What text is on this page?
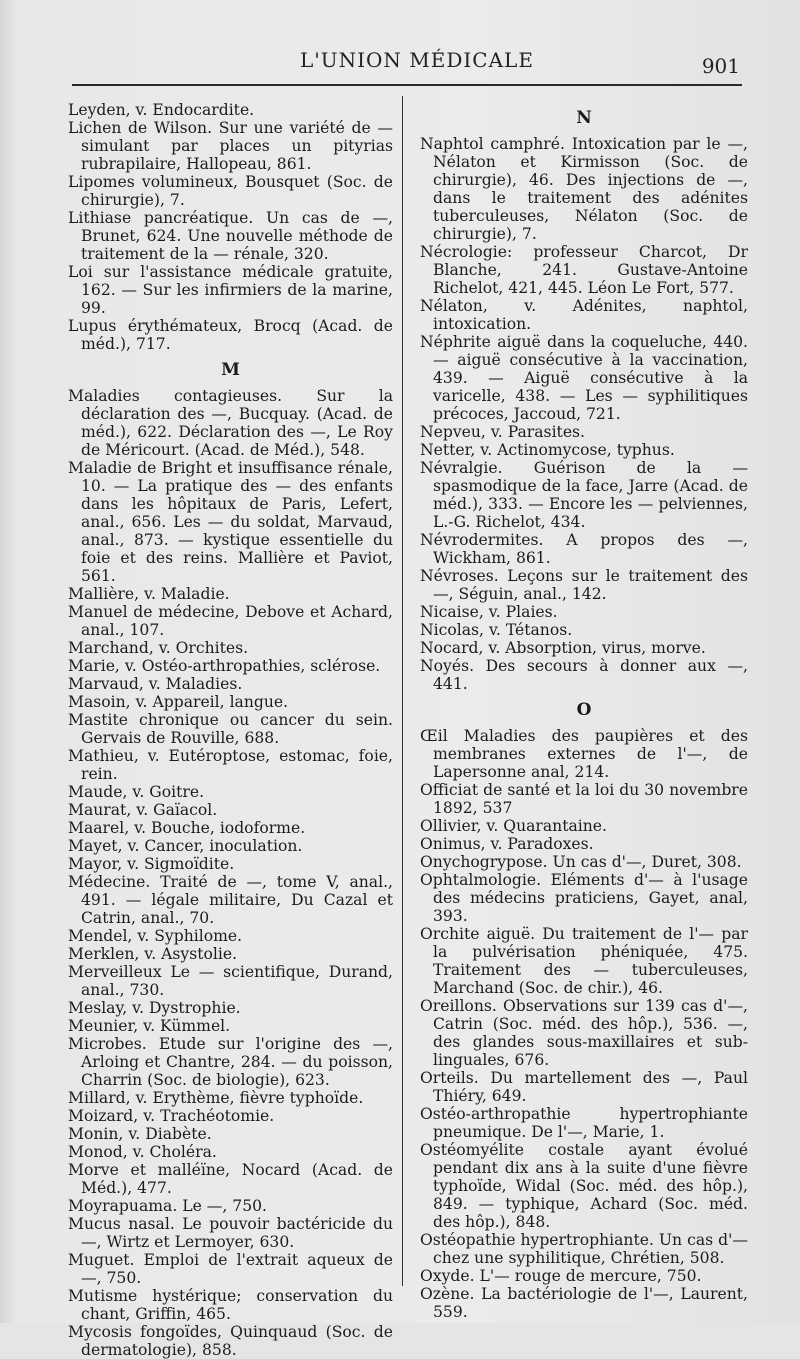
L'UNION MÉDICALE	901
Leyden, v. Endocardite.
Lichen de Wilson. Sur une variété de — simulant par places un pityrias rubrapilaire, Hallopeau, 861.
Lipomes volumineux, Bousquet (Soc. de chirurgie), 7.
Lithiase pancréatique. Un cas de —, Brunet, 624. Une nouvelle méthode de traitement de la — rénale, 320.
Loi sur l'assistance médicale gratuite, 162. — Sur les infirmiers de la marine, 99.
Lupus érythémateux, Brocq (Acad. de méd.), 717.
M
Maladies contagieuses. Sur la déclaration des —, Bucquay. (Acad. de méd.), 622. Déclaration des —, Le Roy de Méricourt. (Acad. de Méd.), 548.
Maladie de Bright et insuffisance rénale, 10. — La pratique des — des enfants dans les hôpitaux de Paris, Lefert, anal., 656. Les — du soldat, Marvaud, anal., 873. — kystique essentielle du foie et des reins. Mallière et Paviot, 561.
Mallière, v. Maladie.
Manuel de médecine, Debove et Achard, anal., 107.
Marchand, v. Orchites.
Marie, v. Ostéo-arthropathies, sclérose.
Marvaud, v. Maladies.
Masoin, v. Appareil, langue.
Mastite chronique ou cancer du sein. Gervais de Rouville, 688.
Mathieu, v. Eutéroptose, estomac, foie, rein.
Maude, v. Goitre.
Maurat, v. Gaïacol.
Maarel, v. Bouche, iodoforme.
Mayet, v. Cancer, inoculation.
Mayor, v. Sigmoïdite.
Médecine. Traité de —, tome V, anal., 491. — légale militaire, Du Cazal et Catrin, anal., 70.
Mendel, v. Syphilome.
Merklen, v. Asystolie.
Merveilleux Le — scientifique, Durand, anal., 730.
Meslay, v. Dystrophie.
Meunier, v. Kümmel.
Microbes. Etude sur l'origine des —, Arloing et Chantre, 284. — du poisson, Charrin (Soc. de biologie), 623.
Millard, v. Erythème, fièvre typhoïde.
Moizard, v. Trachéotomie.
Monin, v. Diabète.
Monod, v. Choléra.
Morve et malléïne, Nocard (Acad. de Méd.), 477.
Moyrapuama. Le —, 750.
Mucus nasal. Le pouvoir bactéricide du —, Wirtz et Lermoyer, 630.
Muguet. Emploi de l'extrait aqueux de —, 750.
Mutisme hystérique; conservation du chant, Griffin, 465.
Mycosis fongoïdes, Quinquaud (Soc. de dermatologie), 858.
N
Naphtol camphré. Intoxication par le —, Nélaton et Kirmisson (Soc. de chirurgie), 46. Des injections de —, dans le traitement des adénites tuberculeuses, Nélaton (Soc. de chirurgie), 7.
Nécrologie: professeur Charcot, Dr Blanche, 241. Gustave-Antoine Richelot, 421, 445. Léon Le Fort, 577.
Nélaton, v. Adénites, naphtol, intoxication.
Néphrite aiguë dans la coqueluche, 440. — aiguë consécutive à la vaccination, 439. — Aiguë consécutive à la varicelle, 438. — Les — syphilitiques précoces, Jaccoud, 721.
Nepveu, v. Parasites.
Netter, v. Actinomycose, typhus.
Névralgie. Guérison de la — spasmodique de la face, Jarre (Acad. de méd.), 333. — Encore les — pelviennes, L.-G. Richelot, 434.
Névrodermites. A propos des —, Wickham, 861.
Névroses. Leçons sur le traitement des —, Séguin, anal., 142.
Nicaise, v. Plaies.
Nicolas, v. Tétanos.
Nocard, v. Absorption, virus, morve.
Noyés. Des secours à donner aux —, 441.
O
Œil Maladies des paupières et des membranes externes de l'—, de Lapersonne anal, 214.
Officiat de santé et la loi du 30 novembre 1892, 537
Ollivier, v. Quarantaine.
Onimus, v. Paradoxes.
Onychogrypose. Un cas d'—, Duret, 308.
Ophtalmologie. Eléments d'— à l'usage des médecins praticiens, Gayet, anal, 393.
Orchite aiguë. Du traitement de l'— par la pulvérisation phéniquée, 475. Traitement des — tuberculeuses, Marchand (Soc. de chir.), 46.
Oreillons. Observations sur 139 cas d'—, Catrin (Soc. méd. des hôp.), 536. —, des glandes sous-maxillaires et sub-linguales, 676.
Orteils. Du martellement des —, Paul Thiéry, 649.
Ostéo-arthropathie hypertrophiante pneumique. De l'—, Marie, 1.
Ostéomyélite costale ayant évolué pendant dix ans à la suite d'une fièvre typhoïde, Widal (Soc. méd. des hôp.), 849. — typhique, Achard (Soc. méd. des hôp.), 848.
Ostéopathie hypertrophiante. Un cas d'— chez une syphilitique, Chrétien, 508.
Oxyde. L'— rouge de mercure, 750.
Ozène. La bactériologie de l'—, Laurent, 559.
